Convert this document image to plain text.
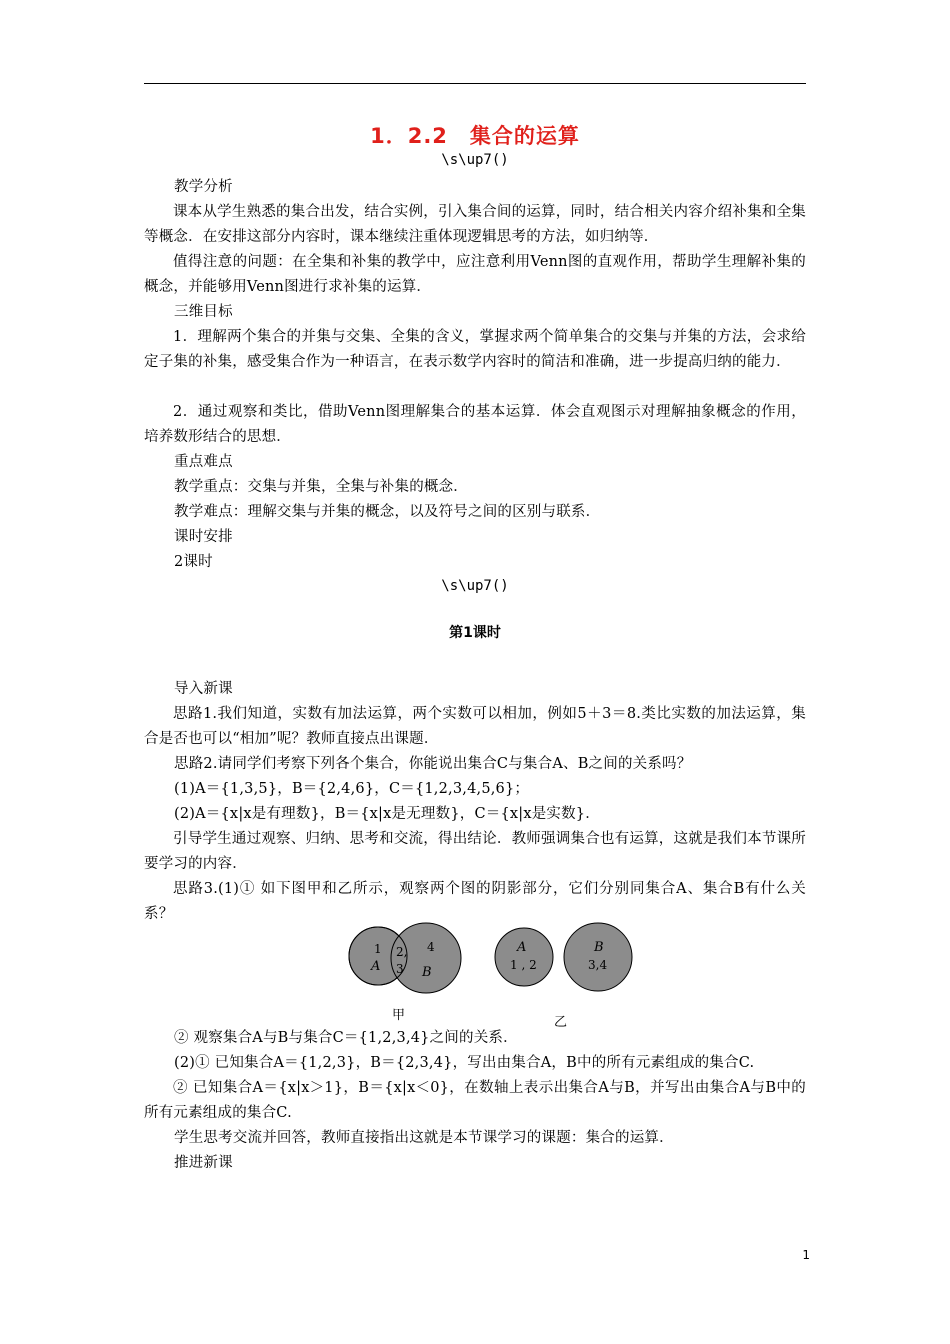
1．2.2　集合的运算
\s\up7()
教学分析
课本从学生熟悉的集合出发，结合实例，引入集合间的运算，同时，结合相关内容介绍补集和全集等概念．在安排这部分内容时，课本继续注重体现逻辑思考的方法，如归纳等．
值得注意的问题：在全集和补集的教学中，应注意利用Venn图的直观作用，帮助学生理解补集的概念，并能够用Venn图进行求补集的运算．
三维目标
1．理解两个集合的并集与交集、全集的含义，掌握求两个简单集合的交集与并集的方法，会求给定子集的补集，感受集合作为一种语言，在表示数学内容时的简洁和准确，进一步提高归纳的能力．
2．通过观察和类比，借助Venn图理解集合的基本运算．体会直观图示对理解抽象概念的作用，培养数形结合的思想．
重点难点
教学重点：交集与并集，全集与补集的概念．
教学难点：理解交集与并集的概念，以及符号之间的区别与联系．
课时安排
2课时
\s\up7()
第1课时
导入新课
思路1.我们知道，实数有加法运算，两个实数可以相加，例如5＋3＝8.类比实数的加法运算，集合是否也可以“相加”呢？教师直接点出课题．
思路2.请同学们考察下列各个集合，你能说出集合C与集合A、B之间的关系吗？
(1)A＝{1,3,5}，B＝{2,4,6}，C＝{1,2,3,4,5,6}；
(2)A＝{x|x是有理数}，B＝{x|x是无理数}，C＝{x|x是实数}．
引导学生通过观察、归纳、思考和交流，得出结论．教师强调集合也有运算，这就是我们本节课所要学习的内容．
思路3.(1)① 如下图甲和乙所示，观察两个图的阴影部分，它们分别同集合A、集合B有什么关系？
1
A
2,
3
4
B
A
1 , 2
B
3,4
甲	乙
② 观察集合A与B与集合C＝{1,2,3,4}之间的关系．
(2)① 已知集合A＝{1,2,3}，B＝{2,3,4}，写出由集合A，B中的所有元素组成的集合C.
② 已知集合A＝{x|x＞1}，B＝{x|x＜0}，在数轴上表示出集合A与B，并写出由集合A与B中的所有元素组成的集合C.
学生思考交流并回答，教师直接指出这就是本节课学习的课题：集合的运算．
推进新课
1
